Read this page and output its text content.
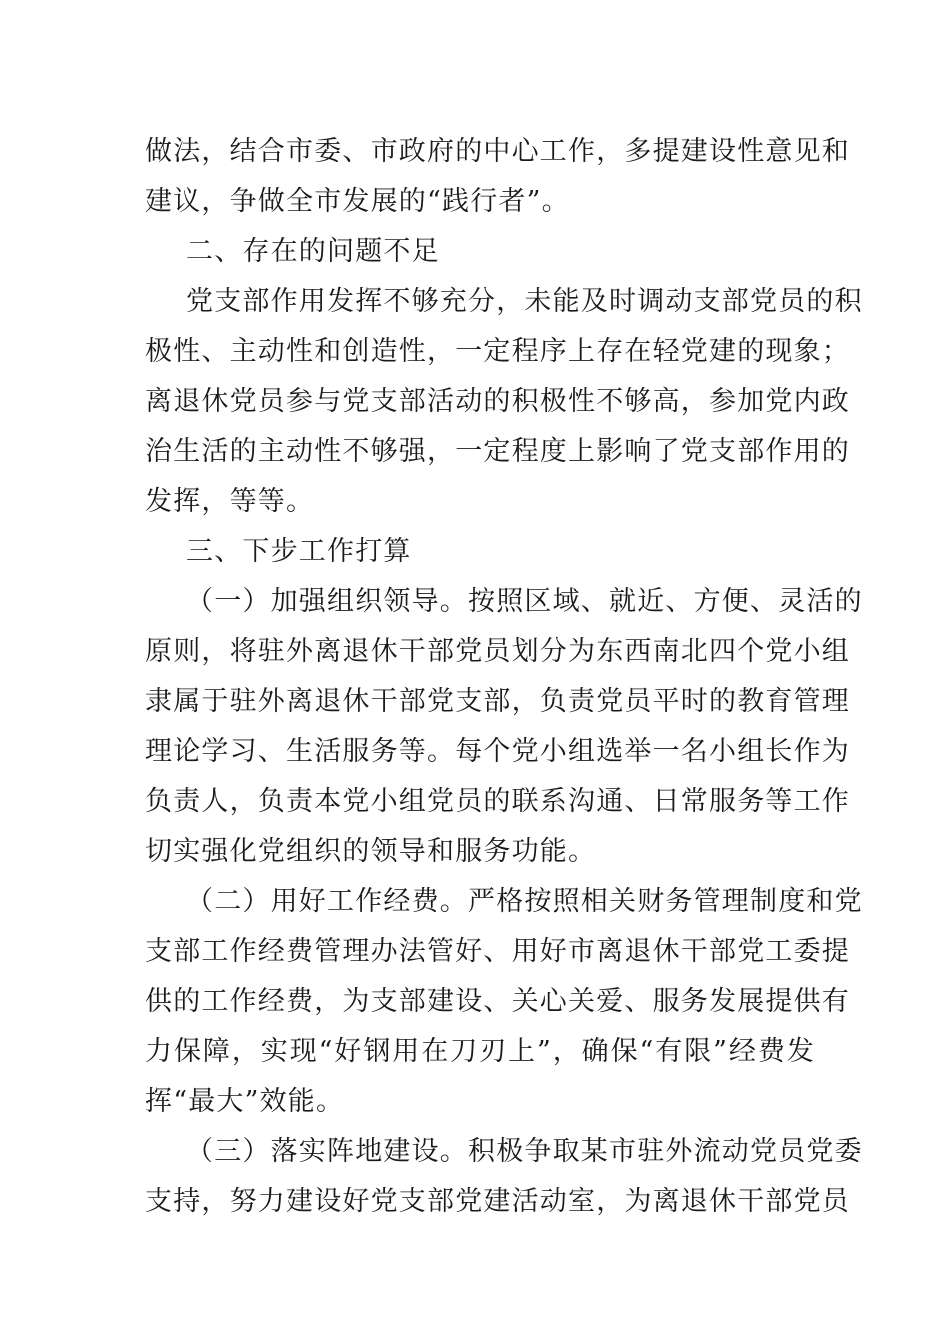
做法，结合市委、市政府的中心工作，多提建设性意见和
建议，争做全市发展的“践行者”。
二、存在的问题不足
党支部作用发挥不够充分，未能及时调动支部党员的积
极性、主动性和创造性，一定程序上存在轻党建的现象；
离退休党员参与党支部活动的积极性不够高，参加党内政
治生活的主动性不够强，一定程度上影响了党支部作用的
发挥，等等。
三、下步工作打算
（一）加强组织领导。按照区域、就近、方便、灵活的
原则，将驻外离退休干部党员划分为东西南北四个党小组
隶属于驻外离退休干部党支部，负责党员平时的教育管理
理论学习、生活服务等。每个党小组选举一名小组长作为
负责人，负责本党小组党员的联系沟通、日常服务等工作
切实强化党组织的领导和服务功能。
（二）用好工作经费。严格按照相关财务管理制度和党
支部工作经费管理办法管好、用好市离退休干部党工委提
供的工作经费，为支部建设、关心关爱、服务发展提供有
力保障，实现“好钢用在刀刃上”，确保“有限”经费发
挥“最大”效能。
（三）落实阵地建设。积极争取某市驻外流动党员党委
支持，努力建设好党支部党建活动室，为离退休干部党员
